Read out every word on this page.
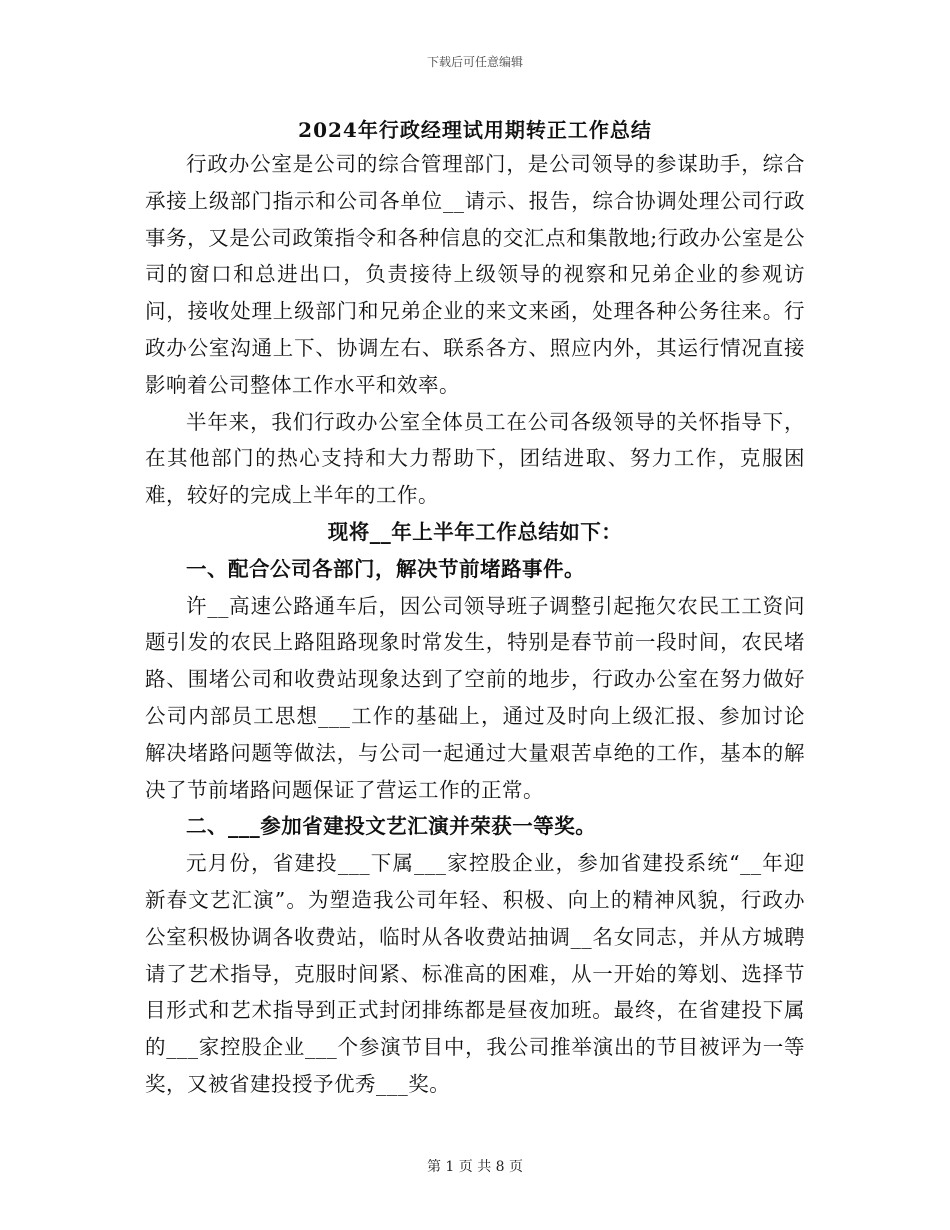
下载后可任意编辑
2024年行政经理试用期转正工作总结

行政办公室是公司的综合管理部门，是公司领导的参谋助手，综合承接上级部门指示和公司各单位__请示、报告，综合协调处理公司行政事务，又是公司政策指令和各种信息的交汇点和集散地;行政办公室是公司的窗口和总进出口，负责接待上级领导的视察和兄弟企业的参观访问，接收处理上级部门和兄弟企业的来文来函，处理各种公务往来。行政办公室沟通上下、协调左右、联系各方、照应内外，其运行情况直接影响着公司整体工作水平和效率。

半年来，我们行政办公室全体员工在公司各级领导的关怀指导下，在其他部门的热心支持和大力帮助下，团结进取、努力工作，克服困难，较好的完成上半年的工作。

现将__年上半年工作总结如下：

一、配合公司各部门，解决节前堵路事件。

许__高速公路通车后，因公司领导班子调整引起拖欠农民工工资问题引发的农民上路阻路现象时常发生，特别是春节前一段时间，农民堵路、围堵公司和收费站现象达到了空前的地步，行政办公室在努力做好公司内部员工思想___工作的基础上，通过及时向上级汇报、参加讨论解决堵路问题等做法，与公司一起通过大量艰苦卓绝的工作，基本的解决了节前堵路问题保证了营运工作的正常。

二、___参加省建投文艺汇演并荣获一等奖。

元月份，省建投___下属___家控股企业，参加省建投系统“__年迎新春文艺汇演”。为塑造我公司年轻、积极、向上的精神风貌，行政办公室积极协调各收费站，临时从各收费站抽调__名女同志，并从方城聘请了艺术指导，克服时间紧、标准高的困难，从一开始的筹划、选择节目形式和艺术指导到正式封闭排练都是昼夜加班。最终，在省建投下属的___家控股企业___个参演节目中，我公司推举演出的节目被评为一等奖，又被省建投授予优秀___奖。

第 1 页 共 8 页
